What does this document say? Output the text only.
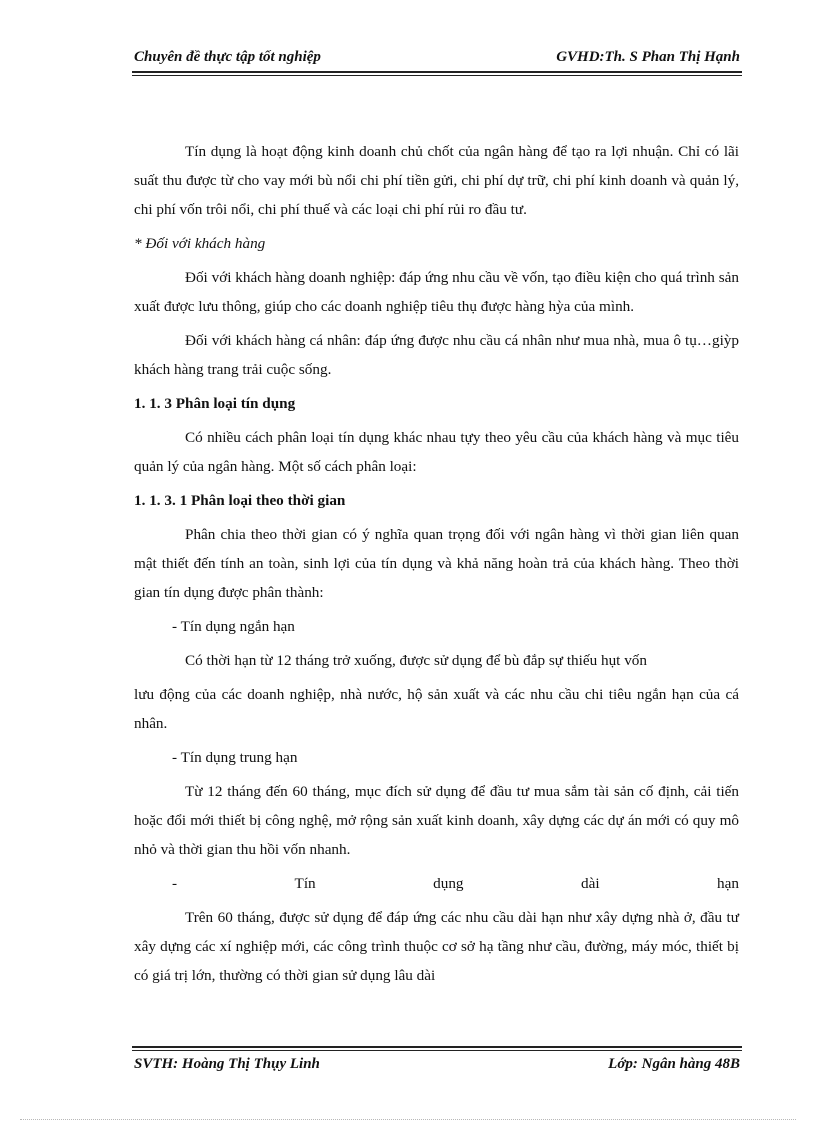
Chuyên đề thực tập tốt nghiệp	GVHD:Th. S Phan Thị Hạnh

Tín dụng là hoạt động kinh doanh chủ chốt của ngân hàng để tạo ra lợi nhuận. Chỉ có lãi suất thu được từ cho vay mới bù nổi chi phí tiền gửi, chi phí dự trữ, chi phí kinh doanh và quản lý, chi phí vốn trôi nổi, chi phí thuế và các loại chi phí rủi ro đầu tư.

* Đối với khách hàng

Đối với khách hàng doanh nghiệp: đáp ứng nhu cầu về vốn, tạo điều kiện cho quá trình sản xuất được lưu thông, giúp cho các doanh nghiệp tiêu thụ được hàng hỳa của mình.

Đối với khách hàng cá nhân: đáp ứng được nhu cầu cá nhân như mua nhà, mua ô tụ…giỳp khách hàng trang trải cuộc sống.

1. 1. 3 Phân loại tín dụng

Có nhiều cách phân loại tín dụng khác nhau tựy theo yêu cầu của khách hàng và mục tiêu quản lý của ngân hàng. Một số cách phân loại:

1. 1. 3. 1 Phân loại theo thời gian

Phân chia theo thời gian có ý nghĩa quan trọng đối với ngân hàng vì thời gian liên quan mật thiết đến tính an toàn, sinh lợi của tín dụng và khả năng hoàn trả của khách hàng. Theo thời gian tín dụng được phân thành:

- Tín dụng ngắn hạn

Có thời hạn từ 12 tháng trở xuống, được sử dụng để bù đắp sự thiếu hụt vốn

lưu động của các doanh nghiệp, nhà nước, hộ sản xuất và các nhu cầu chi tiêu ngắn hạn của cá nhân.

- Tín dụng trung hạn

Từ 12 tháng đến 60 tháng, mục đích sử dụng để đầu tư mua sắm tài sản cố định, cải tiến hoặc đổi mới thiết bị công nghệ, mở rộng sản xuất kinh doanh, xây dựng các dự án mới có quy mô nhỏ và thời gian thu hồi vốn nhanh.

-	Tín	dụng	dài	hạn

Trên 60 tháng, được sử dụng để đáp ứng các nhu cầu dài hạn như xây dựng nhà ở, đầu tư xây dựng các xí nghiệp mới, các công trình thuộc cơ sở hạ tầng như cầu, đường, máy móc, thiết bị có giá trị lớn, thường có thời gian sử dụng lâu dài

SVTH: Hoàng Thị Thụy Linh	Lớp: Ngân hàng 48B
